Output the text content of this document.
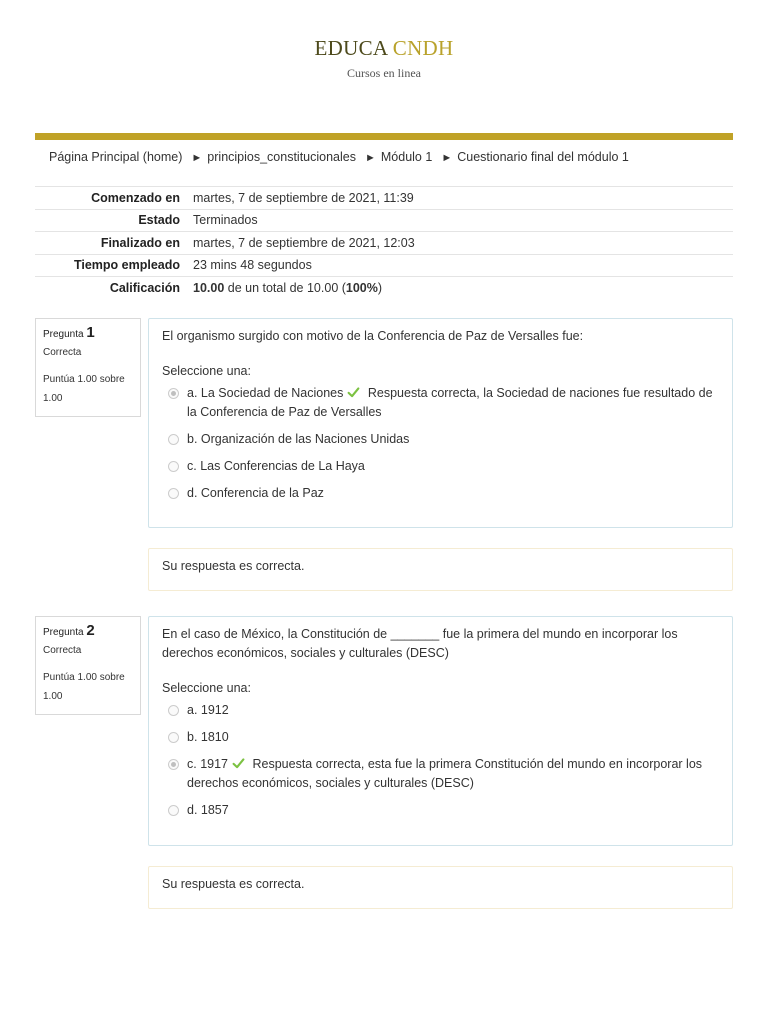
EDUCA CNDH
Cursos en linea
Página Principal (home) ► principios_constitucionales ► Módulo 1 ► Cuestionario final del módulo 1
Comenzado en	martes, 7 de septiembre de 2021, 11:39
Estado	Terminados
Finalizado en	martes, 7 de septiembre de 2021, 12:03
Tiempo empleado	23 mins 48 segundos
Calificación	10.00 de un total de 10.00 (100%)
Pregunta 1
Correcta
Puntúa 1.00 sobre 1.00
El organismo surgido con motivo de la Conferencia de Paz de Versalles fue:
Seleccione una:
a. La Sociedad de Naciones Respuesta correcta, la Sociedad de naciones fue resultado de la Conferencia de Paz de Versalles
b. Organización de las Naciones Unidas
c. Las Conferencias de La Haya
d. Conferencia de la Paz
Su respuesta es correcta.
Pregunta 2
Correcta
Puntúa 1.00 sobre 1.00
En el caso de México, la Constitución de _______ fue la primera del mundo en incorporar los derechos económicos, sociales y culturales (DESC)
Seleccione una:
a. 1912
b. 1810
c. 1917 Respuesta correcta, esta fue la primera Constitución del mundo en incorporar los derechos económicos, sociales y culturales (DESC)
d. 1857
Su respuesta es correcta.
